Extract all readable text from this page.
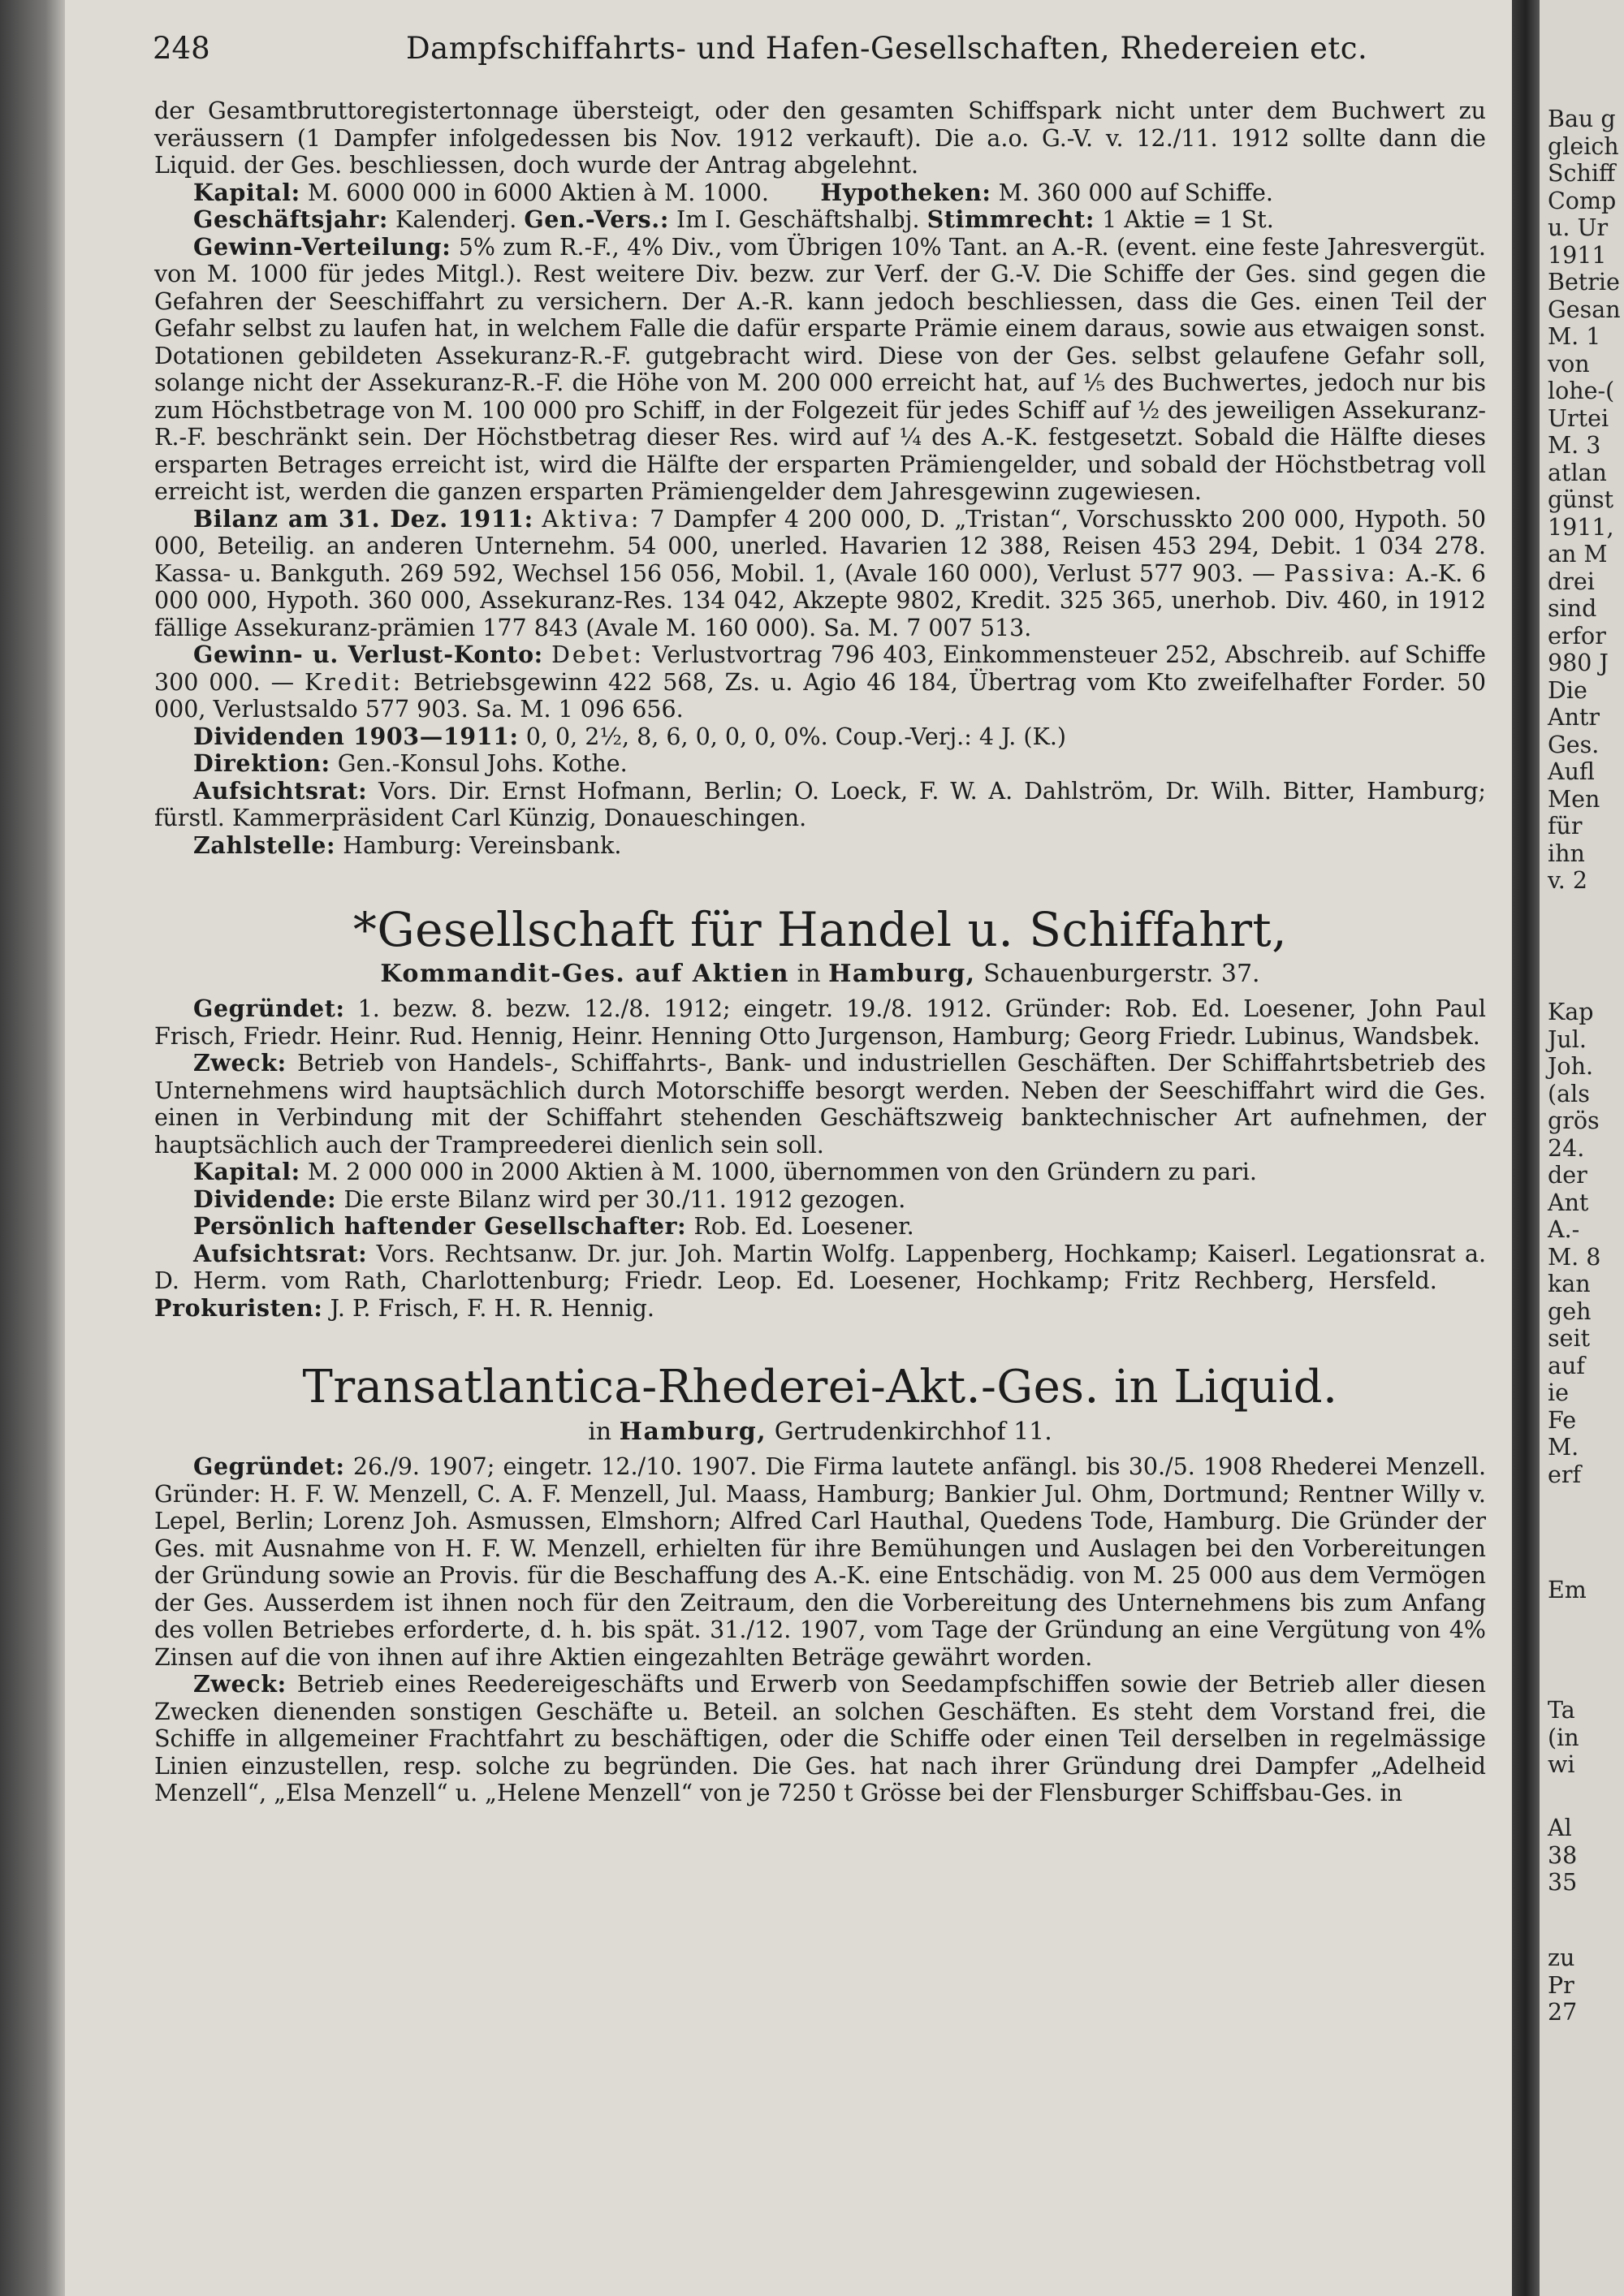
248	Dampfschiffahrts- und Hafen-Gesellschaften, Rhedereien etc.

der Gesamtbruttoregistertonnage übersteigt, oder den gesamten Schiffspark nicht unter dem Buchwert zu veräussern (1 Dampfer infolgedessen bis Nov. 1912 verkauft). Die a.o. G.-V. v. 12./11. 1912 sollte dann die Liquid. der Ges. beschliessen, doch wurde der Antrag abgelehnt.

Kapital: M. 6000 000 in 6000 Aktien à M. 1000. Hypotheken: M. 360 000 auf Schiffe.

Geschäftsjahr: Kalenderj. Gen.-Vers.: Im I. Geschäftshalbj. Stimmrecht: 1 Aktie = 1 St.

Gewinn-Verteilung: 5% zum R.-F., 4% Div., vom Übrigen 10% Tant. an A.-R. (event. eine feste Jahresvergüt. von M. 1000 für jedes Mitgl.). Rest weitere Div. bezw. zur Verf. der G.-V. Die Schiffe der Ges. sind gegen die Gefahren der Seeschiffahrt zu versichern. Der A.-R. kann jedoch beschliessen, dass die Ges. einen Teil der Gefahr selbst zu laufen hat, in welchem Falle die dafür ersparte Prämie einem daraus, sowie aus etwaigen sonst. Dotationen gebildeten Assekuranz-R.-F. gutgebracht wird. Diese von der Ges. selbst gelaufene Gefahr soll, solange nicht der Assekuranz-R.-F. die Höhe von M. 200 000 erreicht hat, auf ⅕ des Buchwertes, jedoch nur bis zum Höchstbetrage von M. 100 000 pro Schiff, in der Folgezeit für jedes Schiff auf ½ des jeweiligen Assekuranz-R.-F. beschränkt sein. Der Höchstbetrag dieser Res. wird auf ¼ des A.-K. festgesetzt. Sobald die Hälfte dieses ersparten Betrages erreicht ist, wird die Hälfte der ersparten Prämiengelder, und sobald der Höchstbetrag voll erreicht ist, werden die ganzen ersparten Prämiengelder dem Jahresgewinn zugewiesen.

Bilanz am 31. Dez. 1911: Aktiva: 7 Dampfer 4 200 000, D. „Tristan“, Vorschusskto 200 000, Hypoth. 50 000, Beteilig. an anderen Unternehm. 54 000, unerled. Havarien 12 388, Reisen 453 294, Debit. 1 034 278. Kassa- u. Bankguth. 269 592, Wechsel 156 056, Mobil. 1, (Avale 160 000), Verlust 577 903. — Passiva: A.-K. 6 000 000, Hypoth. 360 000, Assekuranz-Res. 134 042, Akzepte 9802, Kredit. 325 365, unerhob. Div. 460, in 1912 fällige Assekuranz-prämien 177 843 (Avale M. 160 000). Sa. M. 7 007 513.

Gewinn- u. Verlust-Konto: Debet: Verlustvortrag 796 403, Einkommensteuer 252, Abschreib. auf Schiffe 300 000. — Kredit: Betriebsgewinn 422 568, Zs. u. Agio 46 184, Übertrag vom Kto zweifelhafter Forder. 50 000, Verlustsaldo 577 903. Sa. M. 1 096 656.

Dividenden 1903—1911: 0, 0, 2½, 8, 6, 0, 0, 0, 0%. Coup.-Verj.: 4 J. (K.)

Direktion: Gen.-Konsul Johs. Kothe.

Aufsichtsrat: Vors. Dir. Ernst Hofmann, Berlin; O. Loeck, F. W. A. Dahlström, Dr. Wilh. Bitter, Hamburg; fürstl. Kammerpräsident Carl Künzig, Donaueschingen.

Zahlstelle: Hamburg: Vereinsbank.

*Gesellschaft für Handel u. Schiffahrt,
Kommandit-Ges. auf Aktien in Hamburg, Schauenburgerstr. 37.

Gegründet: 1. bezw. 8. bezw. 12./8. 1912; eingetr. 19./8. 1912. Gründer: Rob. Ed. Loesener, John Paul Frisch, Friedr. Heinr. Rud. Hennig, Heinr. Henning Otto Jurgenson, Hamburg; Georg Friedr. Lubinus, Wandsbek.

Zweck: Betrieb von Handels-, Schiffahrts-, Bank- und industriellen Geschäften. Der Schiffahrtsbetrieb des Unternehmens wird hauptsächlich durch Motorschiffe besorgt werden. Neben der Seeschiffahrt wird die Ges. einen in Verbindung mit der Schiffahrt stehenden Geschäftszweig banktechnischer Art aufnehmen, der hauptsächlich auch der Trampreederei dienlich sein soll.

Kapital: M. 2 000 000 in 2000 Aktien à M. 1000, übernommen von den Gründern zu pari.

Dividende: Die erste Bilanz wird per 30./11. 1912 gezogen.

Persönlich haftender Gesellschafter: Rob. Ed. Loesener.

Aufsichtsrat: Vors. Rechtsanw. Dr. jur. Joh. Martin Wolfg. Lappenberg, Hochkamp; Kaiserl. Legationsrat a. D. Herm. vom Rath, Charlottenburg; Friedr. Leop. Ed. Loesener, Hochkamp; Fritz Rechberg, Hersfeld.     Prokuristen: J. P. Frisch, F. H. R. Hennig.

Transatlantica-Rhederei-Akt.-Ges. in Liquid.
in Hamburg, Gertrudenkirchhof 11.

Gegründet: 26./9. 1907; eingetr. 12./10. 1907. Die Firma lautete anfängl. bis 30./5. 1908 Rhederei Menzell. Gründer: H. F. W. Menzell, C. A. F. Menzell, Jul. Maass, Hamburg; Bankier Jul. Ohm, Dortmund; Rentner Willy v. Lepel, Berlin; Lorenz Joh. Asmussen, Elmshorn; Alfred Carl Hauthal, Quedens Tode, Hamburg. Die Gründer der Ges. mit Ausnahme von H. F. W. Menzell, erhielten für ihre Bemühungen und Auslagen bei den Vorbereitungen der Gründung sowie an Provis. für die Beschaffung des A.-K. eine Entschädig. von M. 25 000 aus dem Vermögen der Ges. Ausserdem ist ihnen noch für den Zeitraum, den die Vorbereitung des Unternehmens bis zum Anfang des vollen Betriebes erforderte, d. h. bis spät. 31./12. 1907, vom Tage der Gründung an eine Vergütung von 4% Zinsen auf die von ihnen auf ihre Aktien eingezahlten Beträge gewährt worden.

Zweck: Betrieb eines Reedereigeschäfts und Erwerb von Seedampfschiffen sowie der Betrieb aller diesen Zwecken dienenden sonstigen Geschäfte u. Beteil. an solchen Geschäften. Es steht dem Vorstand frei, die Schiffe in allgemeiner Frachtfahrt zu beschäftigen, oder die Schiffe oder einen Teil derselben in regelmässige Linien einzustellen, resp. solche zu begründen. Die Ges. hat nach ihrer Gründung drei Dampfer „Adelheid Menzell“, „Elsa Menzell“ u. „Helene Menzell“ von je 7250 t Grösse bei der Flensburger Schiffsbau-Ges. in

Bau g
gleich
Schiff
Comp
u. Ur
1911
Betrie
Gesan
M. 1
von
lohe-(
Urtei
M. 3
atlan
günst
1911,
an M
drei
sind
erfor
980 J
Die
Antr
Ges.
Aufl
Men
für
ihn
v. 2
Kap
Jul.
Joh.
(als
grös
24.
der
Ant
A.-
M. 8
kan
geh
seit
auf
ie
Fe
M.
erf
Em
Ta
(in
wi
Al
38
35
zu
Pr
27
